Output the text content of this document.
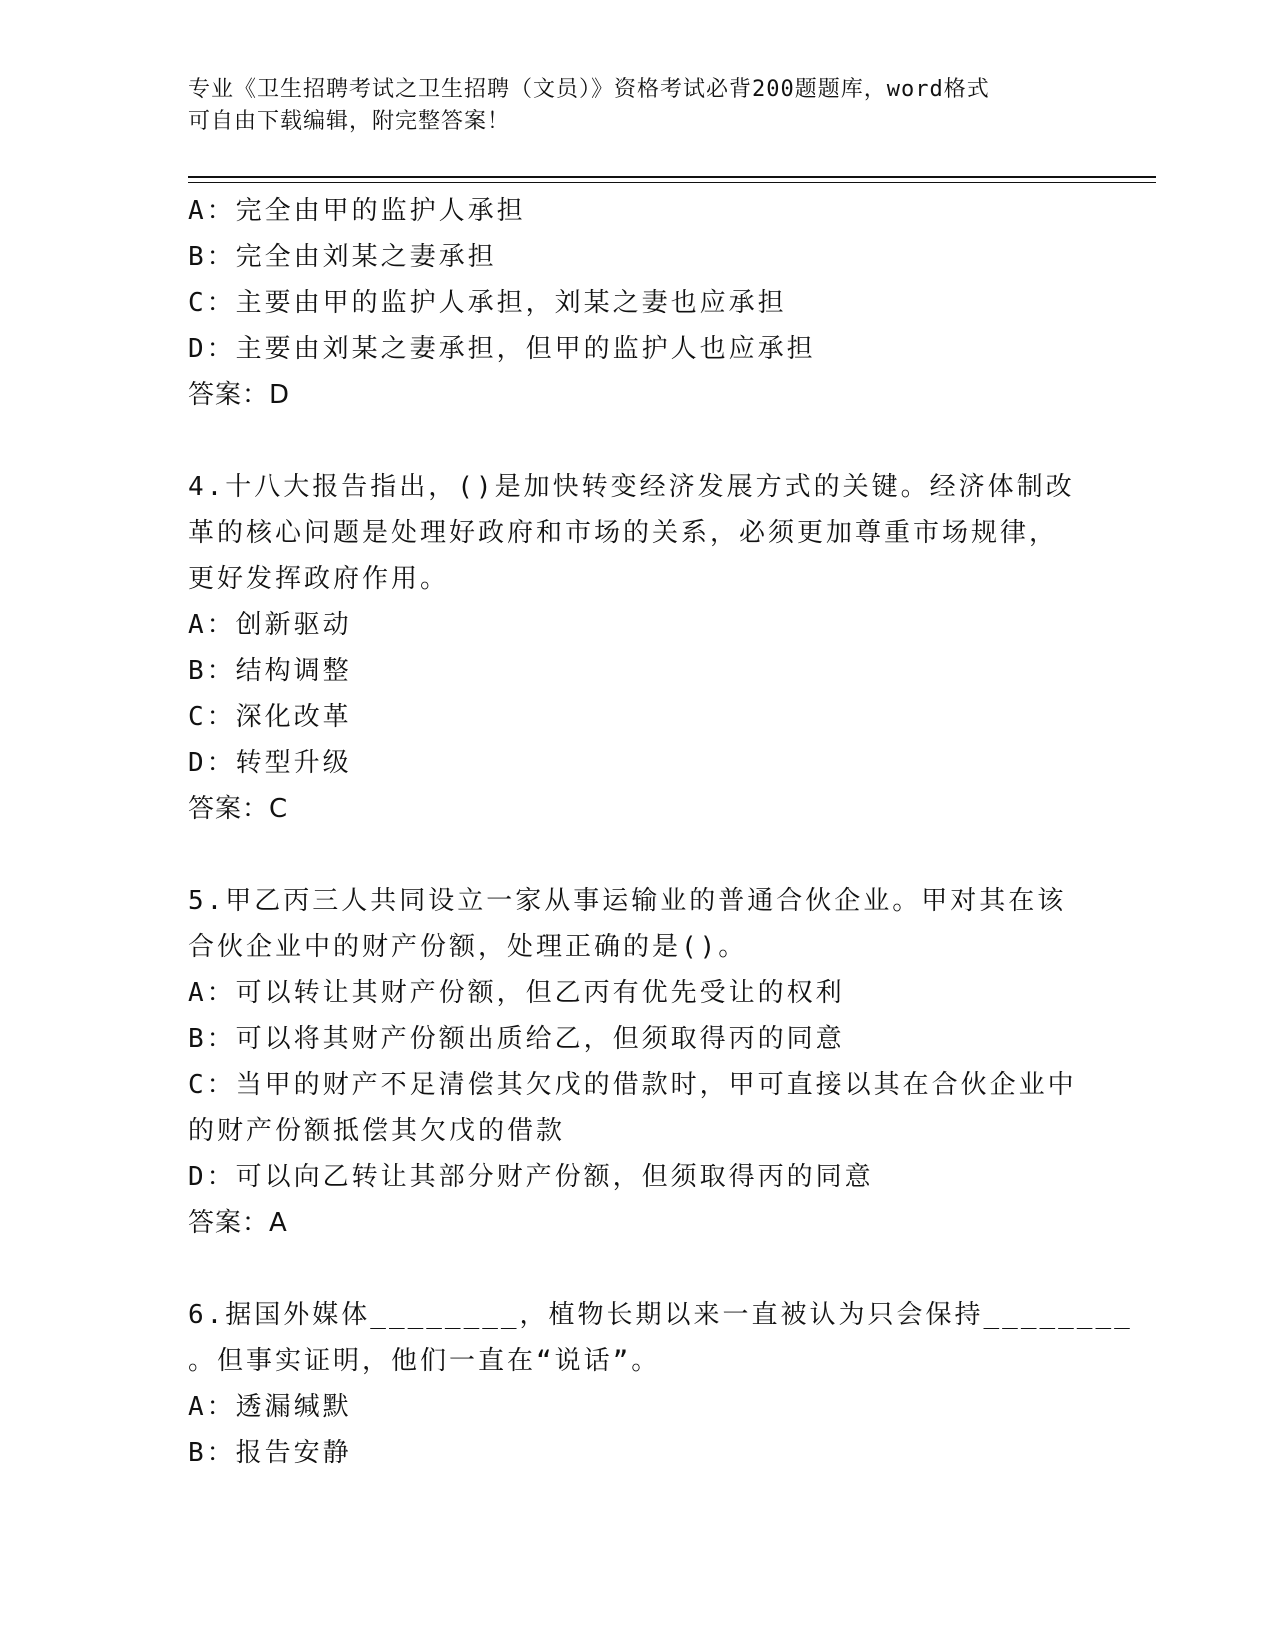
专业《卫生招聘考试之卫生招聘（文员）》资格考试必背200题题库，word格式
可自由下载编辑，附完整答案！
A：完全由甲的监护人承担
B：完全由刘某之妻承担
C：主要由甲的监护人承担，刘某之妻也应承担
D：主要由刘某之妻承担，但甲的监护人也应承担
答案：D
4.十八大报告指出，()是加快转变经济发展方式的关键。经济体制改
革的核心问题是处理好政府和市场的关系，必须更加尊重市场规律，
更好发挥政府作用。
A：创新驱动
B：结构调整
C：深化改革
D：转型升级
答案：C
5.甲乙丙三人共同设立一家从事运输业的普通合伙企业。甲对其在该
合伙企业中的财产份额，处理正确的是()。
A：可以转让其财产份额，但乙丙有优先受让的权利
B：可以将其财产份额出质给乙，但须取得丙的同意
C：当甲的财产不足清偿其欠戊的借款时，甲可直接以其在合伙企业中
的财产份额抵偿其欠戊的借款
D：可以向乙转让其部分财产份额，但须取得丙的同意
答案：A
6.据国外媒体________，植物长期以来一直被认为只会保持________
。但事实证明，他们一直在“说话”。
A：透漏缄默
B：报告安静
